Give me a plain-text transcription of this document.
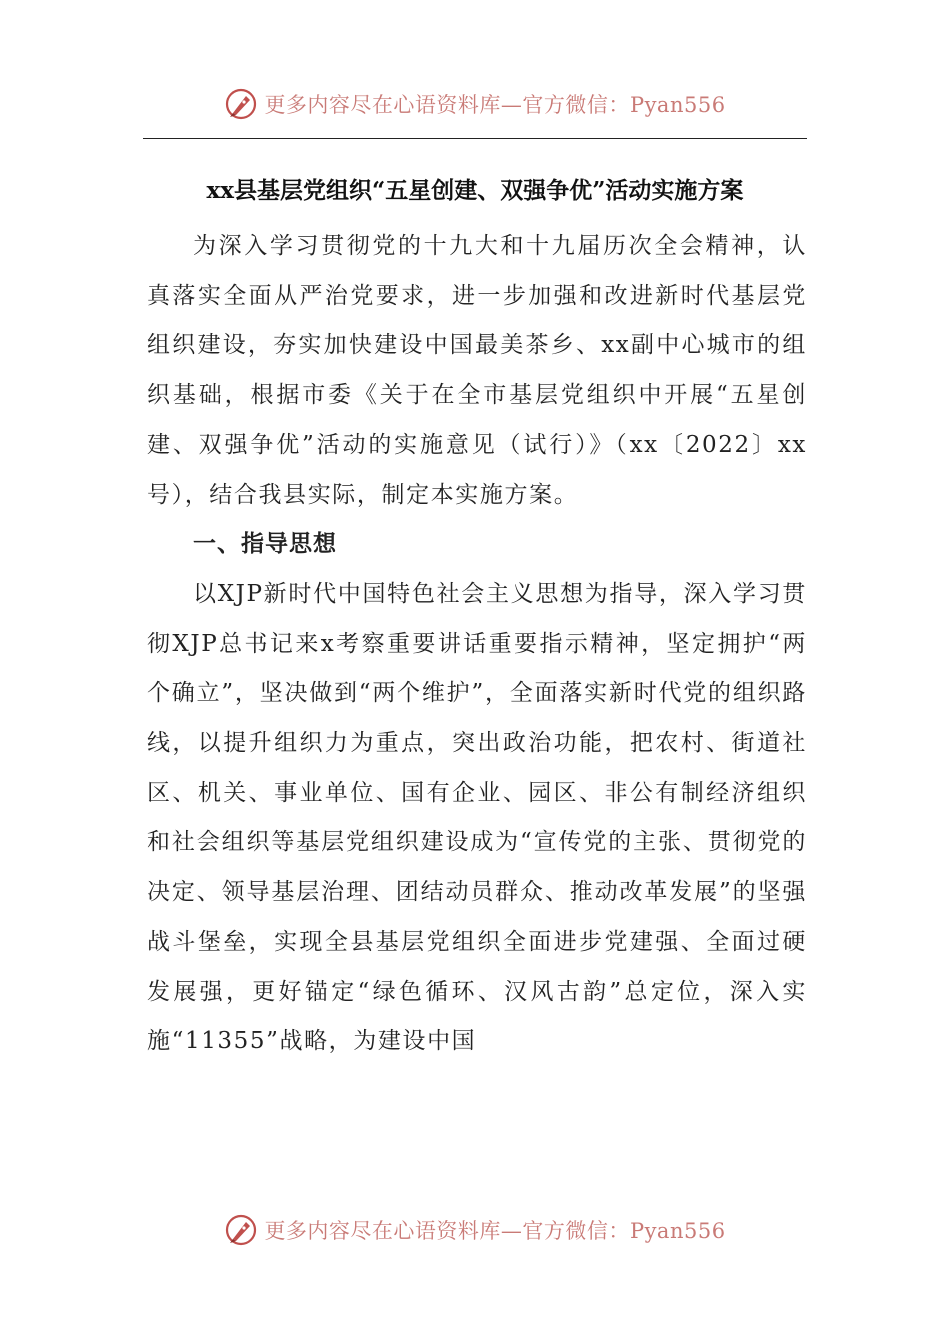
更多内容尽在心语资料库—官方微信：Pyan556
xx县基层党组织“五星创建、双强争优”活动实施方案

为深入学习贯彻党的十九大和十九届历次全会精神，认真落实全面从严治党要求，进一步加强和改进新时代基层党组织建设，夯实加快建设中国最美茶乡、xx副中心城市的组织基础，根据市委《关于在全市基层党组织中开展“五星创建、双强争优”活动的实施意见（试行）》（xx〔2022〕xx号），结合我县实际，制定本实施方案。

一、指导思想

以XJP新时代中国特色社会主义思想为指导，深入学习贯彻XJP总书记来x考察重要讲话重要指示精神，坚定拥护“两个确立”，坚决做到“两个维护”，全面落实新时代党的组织路线，以提升组织力为重点，突出政治功能，把农村、街道社区、机关、事业单位、国有企业、园区、非公有制经济组织和社会组织等基层党组织建设成为“宣传党的主张、贯彻党的决定、领导基层治理、团结动员群众、推动改革发展”的坚强战斗堡垒，实现全县基层党组织全面进步党建强、全面过硬发展强，更好锚定“绿色循环、汉风古韵”总定位，深入实施“11355”战略，为建设中国

更多内容尽在心语资料库—官方微信：Pyan556
